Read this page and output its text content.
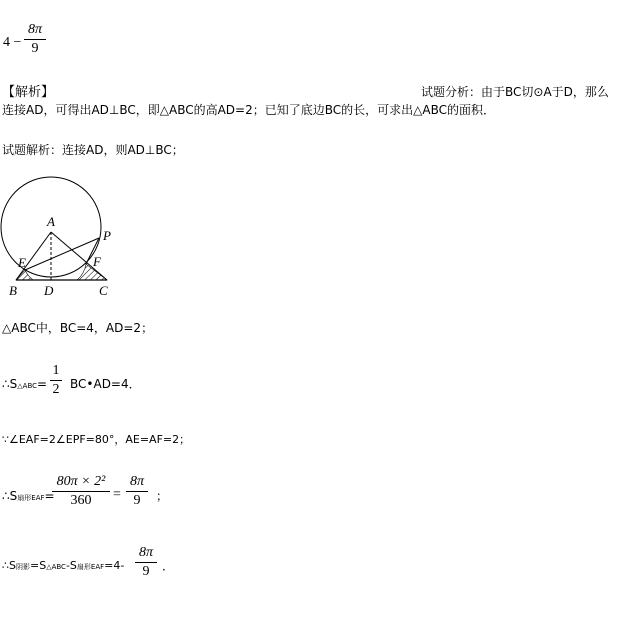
4 −
8π
9
【解析】	试题分析：由于BC切⊙A于D，那么
连接AD，可得出AD⊥BC，即△ABC的高AD=2；已知了底边BC的长，可求出△ABC的面积．
试题解析：连接AD，则AD⊥BC；
A
P
E	F
B D	C
△ABC中，BC=4，AD=2；
∴S△ABC=
1
2 BC•AD=4．
∵∠EAF=2∠EPF=80°，AE=AF=2；
∴S扇形EAF=
80π × 2²
360	=
8π
9	；
∴S阴影=S△ABC-S扇形EAF=4-
8π
9	．
